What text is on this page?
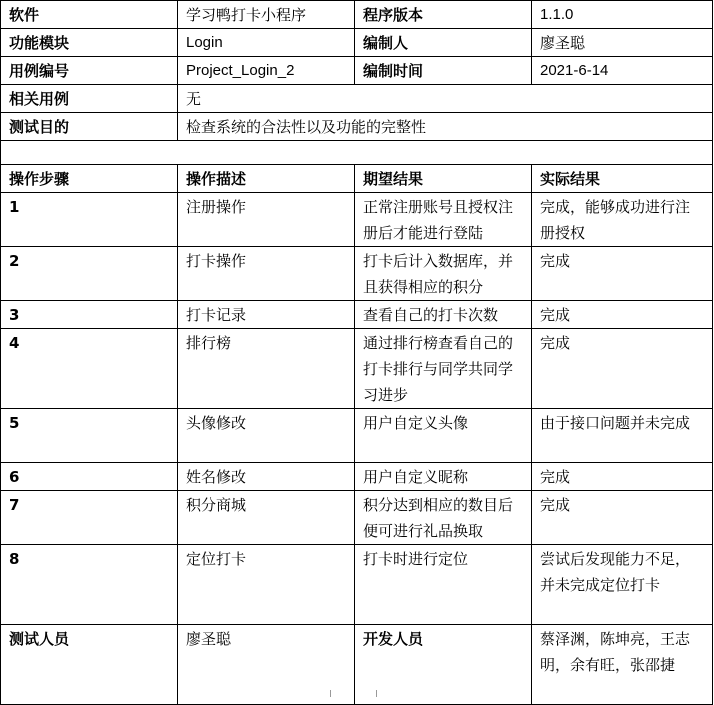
软件	学习鸭打卡小程序	程序版本	1.1.0
功能模块	Login	编制人	廖圣聪
用例编号	Project_Login_2	编制时间	2021-6-14
相关用例	无		
测试目的	检查系统的合法性以及功能的完整性		

操作步骤	操作描述	期望结果	实际结果
1	注册操作	正常注册账号且授权注册后才能进行登陆	完成，能够成功进行注册授权
2	打卡操作	打卡后计入数据库，并且获得相应的积分	完成
3	打卡记录	查看自己的打卡次数	完成
4	排行榜	通过排行榜查看自己的打卡排行与同学共同学习进步	完成
5	头像修改	用户自定义头像	由于接口问题并未完成
6	姓名修改	用户自定义昵称	完成
7	积分商城	积分达到相应的数目后便可进行礼品换取	完成
8	定位打卡	打卡时进行定位	尝试后发现能力不足，并未完成定位打卡
测试人员	廖圣聪	开发人员	蔡泽渊，陈坤亮，王志明，余有旺，张邵捷
